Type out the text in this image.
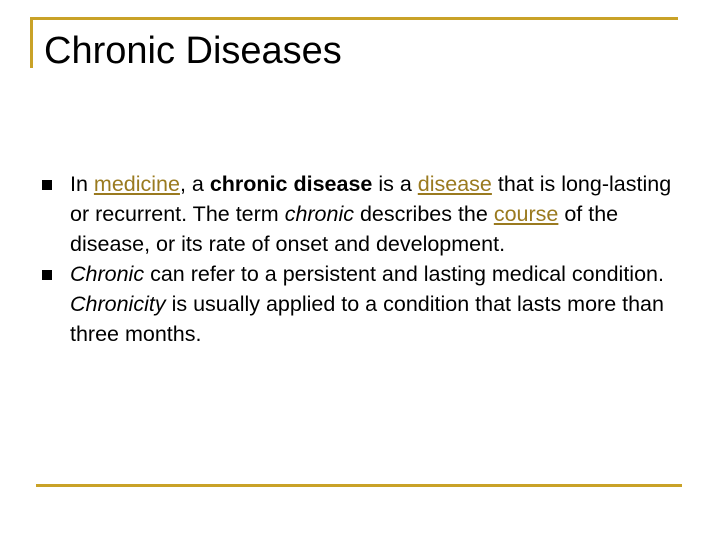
Chronic Diseases
In medicine, a chronic disease is a disease that is long-lasting or recurrent. The term chronic describes the course of the disease, or its rate of onset and development.
Chronic can refer to a persistent and lasting medical condition. Chronicity is usually applied to a condition that lasts more than three months.
